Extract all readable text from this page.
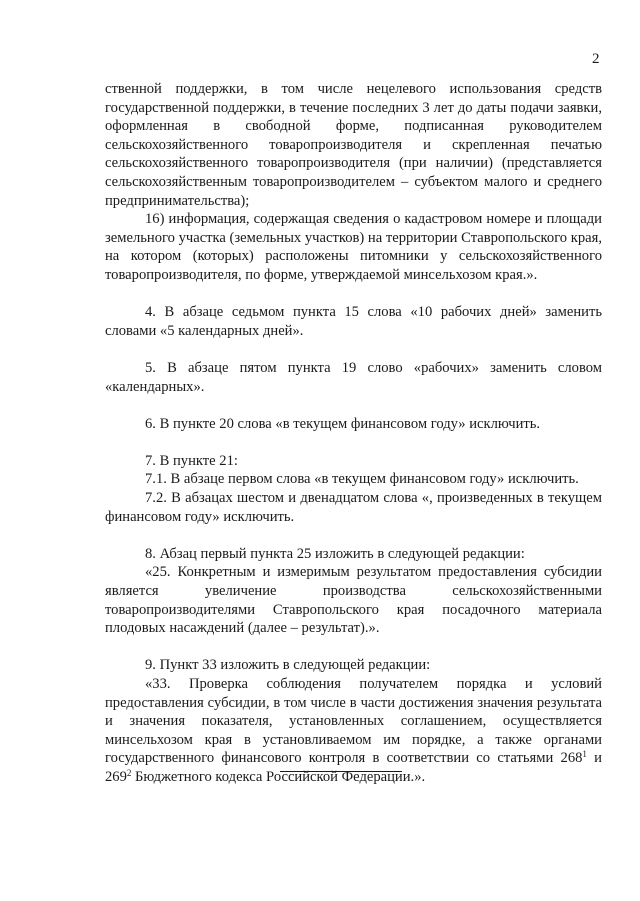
2

ственной поддержки, в том числе нецелевого использования средств государственной поддержки, в течение последних 3 лет до даты подачи заявки, оформленная в свободной форме, подписанная руководителем сельскохозяйственного товаропроизводителя и скрепленная печатью сельскохозяйственного товаропроизводителя (при наличии) (представляется сельскохозяйственным товаропроизводителем – субъектом малого и среднего предпринимательства);

16) информация, содержащая сведения о кадастровом номере и площади земельного участка (земельных участков) на территории Ставропольского края, на котором (которых) расположены питомники у сельскохозяйственного товаропроизводителя, по форме, утверждаемой минсельхозом края.».

4. В абзаце седьмом пункта 15 слова «10 рабочих дней» заменить словами «5 календарных дней».

5. В абзаце пятом пункта 19 слово «рабочих» заменить словом «календарных».

6. В пункте 20 слова «в текущем финансовом году» исключить.

7. В пункте 21:

7.1. В абзаце первом слова «в текущем финансовом году» исключить.

7.2. В абзацах шестом и двенадцатом слова «, произведенных в текущем финансовом году» исключить.

8. Абзац первый пункта 25 изложить в следующей редакции:

«25. Конкретным и измеримым результатом предоставления субсидии является увеличение производства сельскохозяйственными товаропроизводителями Ставропольского края посадочного материала плодовых насаждений (далее – результат).».

9. Пункт 33 изложить в следующей редакции:

«33. Проверка соблюдения получателем порядка и условий предоставления субсидии, в том числе в части достижения значения результата и значения показателя, установленных соглашением, осуществляется минсельхозом края в установливаемом им порядке, а также органами государственного финансового контроля в соответствии со статьями $268^1$ и $269^2$ Бюджетного кодекса Российской Федерации.».
